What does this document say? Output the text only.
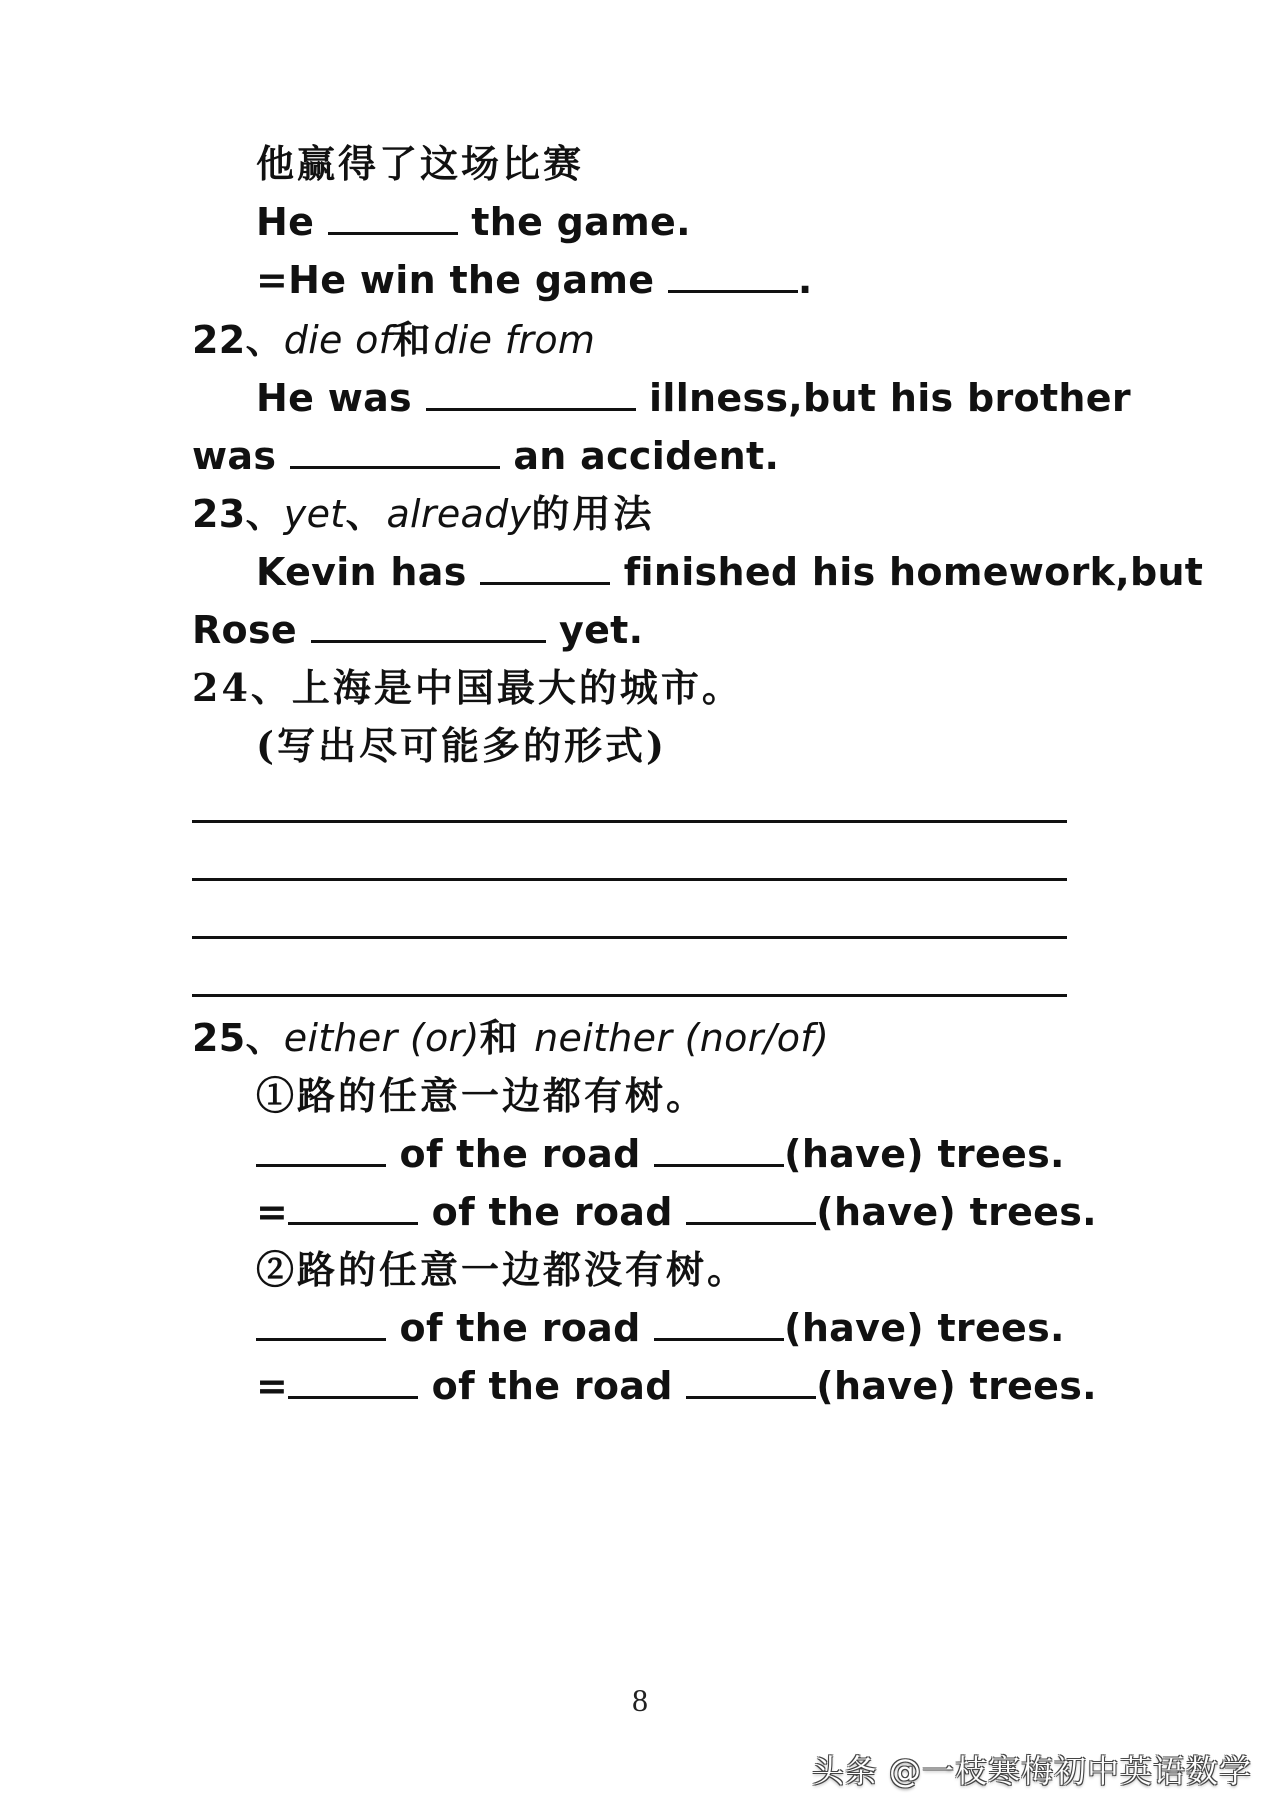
他赢得了这场比赛
He	the game.
=He win the game	.
22、die of和die from
He was	illness,but his brother
was	an accident.
23、yet、already的用法
Kevin has	finished his homework,but
Rose	yet.
24、上海是中国最大的城市。
(写出尽可能多的形式)
25、either (or)和 neither (nor/of)
①路的任意一边都有树。
of the road	(have) trees.
=	of the road	(have) trees.
②路的任意一边都没有树。
of the road	(have) trees.
=	of the road	(have) trees.
8
头条 @一枝寒梅初中英语数学
